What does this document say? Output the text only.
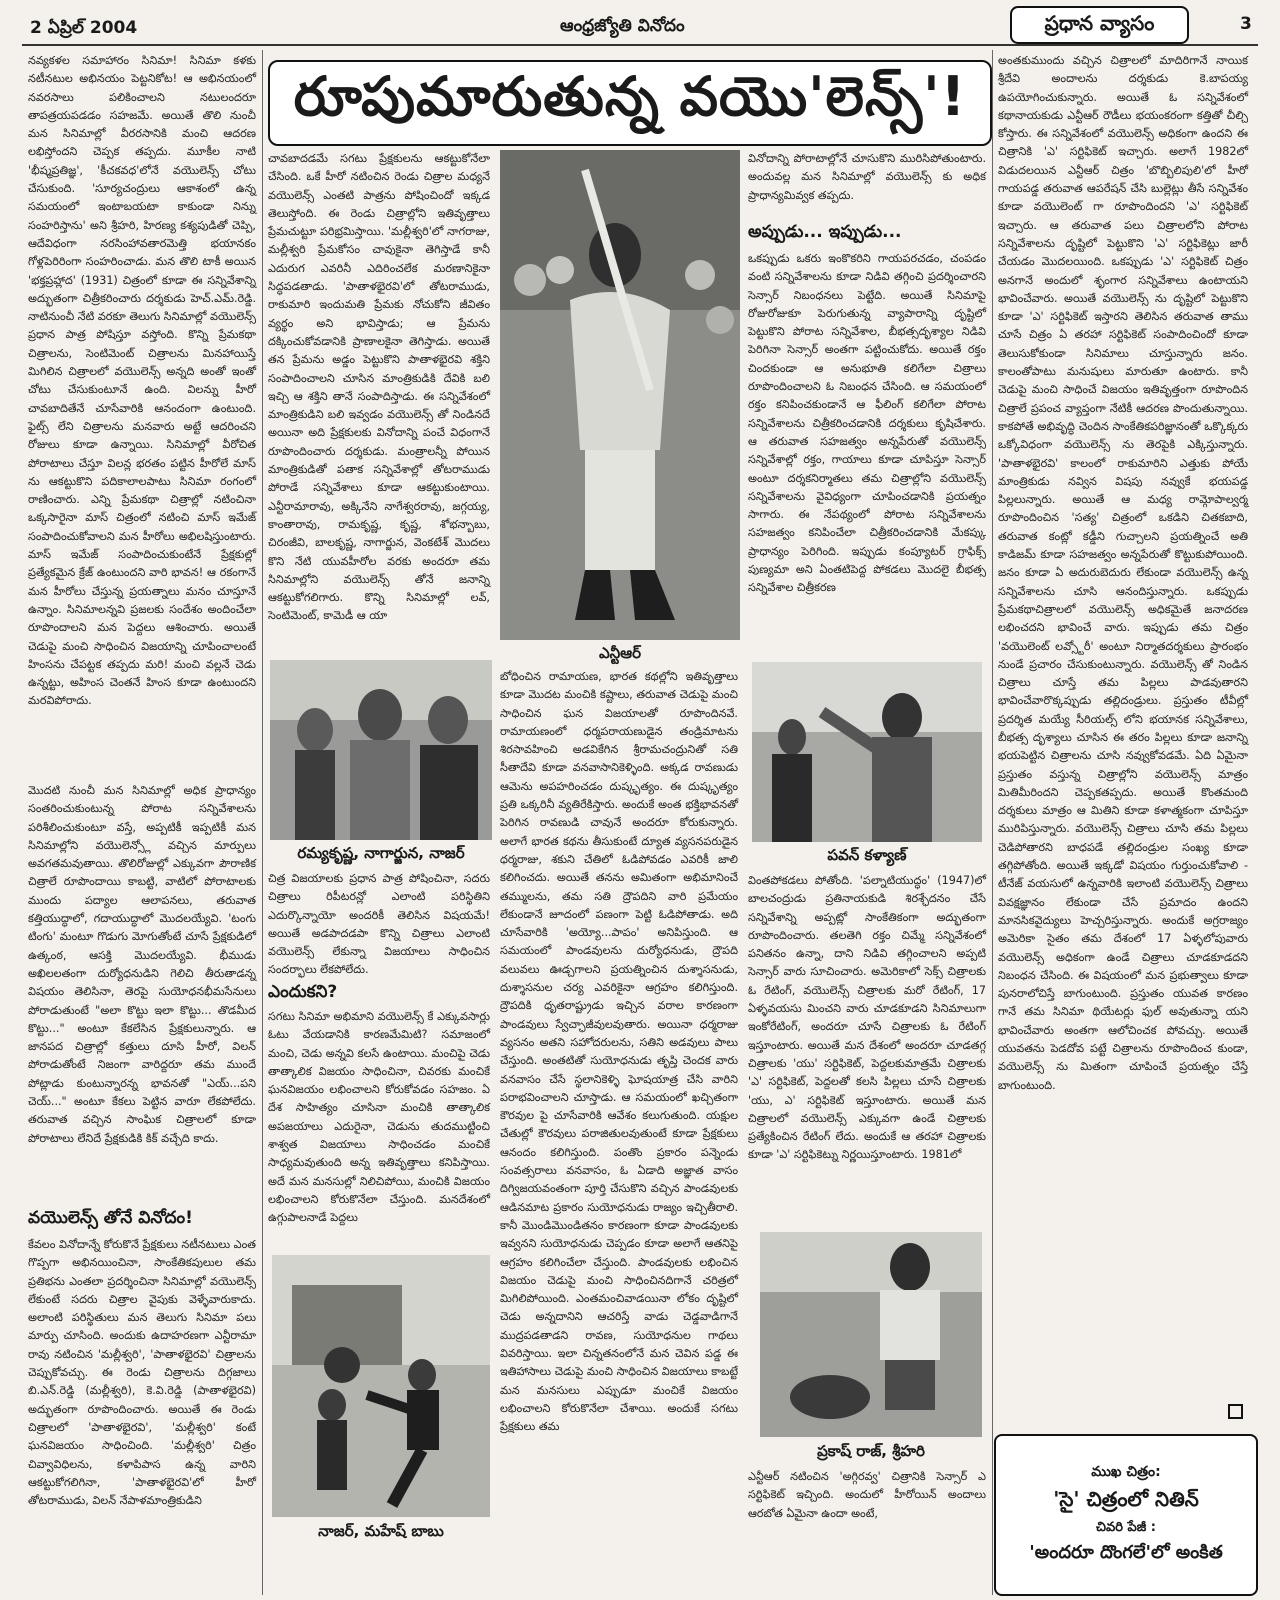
2 ఏప్రిల్ 2004	ఆంధ్రజ్యోతి వినోదం	ప్రధాన వ్యాసం	3
రూపుమారుతున్న వయొ'లెన్స్'!
నవ్యకళల సమాహారం సినిమా! సినిమా కళకు నటీనటుల అభినయం పెట్టనికోట! ఆ అభినయంలో నవరసాలు పలికించాలని నటులందరూ తాపత్రయపడడం సహజమే. అయితే తొలి నుంచీ మన సినిమాల్లో వీరరసానికి మంచి ఆదరణ లభిస్తోందని చెప్పక తప్పదు. మూకీల నాటి 'భీష్మప్రతిజ్ఞ', 'కీచకవధ'లోనే వయొలెన్స్ చోటు చేసుకుంది. 'సూర్యచంద్రులు ఆకాశంలో ఉన్న సమయంలో ఇంటాబయటా కాకుండా నిన్ను సంహరిస్తాను' అని శ్రీహరి, హిరణ్య కశ్యపుడితో చెప్పి, ఆదేవిధంగా నరసింహావతారమెత్తి భయానకం గోళ్లపెరిరింగా సంహరించాడు. మన తొలి టాకీ అయిన 'భక్తప్రహ్లాద' (1931) చిత్రంలో కూడా ఈ సన్నివేశాన్ని అద్భుతంగా చిత్రీకరించారు దర్శకుడు హెచ్.ఎమ్.రెడ్డి. నాటినుంచీ నేటి వరకూ తెలుగు సినిమాల్లో వయొలెన్స్ ప్రధాన పాత్ర పోషిస్తూ వస్తోంది. కొన్ని ప్రేమకథా చిత్రాలను, సెంటిమెంట్ చిత్రాలను మినహాయిస్తే మిగిలిన చిత్రాలలో వయొలెన్స్ అన్నది అంతో ఇంతో చోటు చేసుకుంటూనే ఉంది. విలన్ను హీరో చావబాదితేనే చూసేవారికి ఆనందంగా ఉంటుంది. ఫైట్స్ లేని చిత్రాలను మనవారు అట్టే ఆదరించని రోజులు కూడా ఉన్నాయి. సినిమాల్లో వీరోచిత పోరాటాలు చేస్తూ విలన్ల భరతం పట్టిన హీరోలే మాస్ ను ఆకట్టుకొని పదికాలాలపాటు సినిమా రంగంలో రాణించారు. ఎన్ని ప్రేమకథా చిత్రాల్లో నటించినా ఒక్కసారైనా మాస్ చిత్రంలో నటించి మాస్ ఇమేజ్ సంపాదించుకోవాలని మన హీరోలు అభిలషిస్తుంటారు. మాస్ ఇమేజ్ సంపాదించుకుంటేనే ప్రేక్షకుల్లో ప్రత్యేకమైన క్రేజ్ ఉంటుందని వారి భావన! ఆ రకంగానే మన హీరోలు చేస్తున్న ప్రయత్నాలు మనం చూస్తూనే ఉన్నాం. సినిమాలన్నవి ప్రజలకు సందేశం అందించేలా రూపొందాలని మన పెద్దలు ఆశించారు. అయితే చెడుపై మంచి సాధించిన విజయాన్ని చూపించాలంటే హింసను చేపట్టక తప్పదు మరి! మంచి వల్లనే చెడు ఉన్నట్టు, అహింస చెంతనే హింస కూడా ఉంటుందని మరవిపోరాదు.
మొదటి నుంచీ మన సినిమాల్లో అధిక ప్రాధాన్యం సంతరించుకుంటున్న పోరాట సన్నివేశాలను పరిశీలించుకుంటూ వస్తే, అప్పటికీ ఇప్పటికీ మన సినిమాల్లోని వయొలెన్స్లో వచ్చిన మార్పులు అవగతమవుతాయి. తొలిరోజుల్లో ఎక్కువగా పౌరాణిక చిత్రాలే రూపొందాయి కాబట్టి, వాటిలో పోరాటాలకు ముందు పద్యాల ఆలాపనలు, తరువాత కత్తియుద్ధాలో, గదాయుద్ధాలో మొదలయ్యేవి. 'టంగు టింగు' మంటూ గొడుగు మోగుతోంటే చూసే ప్రేక్షకుడిలో ఉత్కంఠ, ఆసక్తి మొదలయ్యేవి. భీముడు అఖిలలతంగా దుర్యోధనుడిని గెలిచి తీరుతాడన్న విషయం తెలిసినా, తెరపై సుయోధనభీమసేనులు పోరాడుతుంటే "అలా కొట్టు ఇలా కొట్టు... తొడమీద కొట్టు..." అంటూ కేకలేసిన ప్రేక్షకులున్నారు. ఆ జానపద చిత్రాల్లో కత్తులు దూసి హీరో, విలన్ పోరాడుతోంటే నిజంగా వారిద్దరూ తమ ముందే పోట్లాడు కుంటున్నారన్న భావనతో "ఎయ్...పని చెయ్..." అంటూ కేకలు పెట్టిన వారూ లేకపోలేదు. తరువాత వచ్చిన సాంఘిక చిత్రాలలో కూడా పోరాటాలు లేనిదే ప్రేక్షకుడికి కిక్ వచ్చేది కాదు.
వయొలెన్స్ తోనే వినోదం!
కేవలం వినోదాన్నే కోరుకొనే ప్రేక్షకులు నటీనటులు ఎంత గొప్పగా అభినయించినా, సాంకేతికపులుల తమ ప్రతిభను ఎంతలా ప్రదర్శించినా సినిమాల్లో వయొలెన్స్ లేకుంటే సదరు చిత్రాల వైపుకు వెళ్ళేవారుకాదు. అలాంటి పరిస్థితులు మన తెలుగు సినిమా పలు మార్పు చూసింది. అందుకు ఉదాహరణగా ఎన్టీరామా రావు నటించిన 'మల్లీశ్వరి', 'పాతాళభైరవి' చిత్రాలను చెప్పుకోవచ్చు. ఈ రెండు చిత్రాలను దిగ్గజాలు బి.ఎన్.రెడ్డి (మల్లీశ్వరి), కె.వి.రెడ్డి (పాతాళభైరవి) అద్భుతంగా రూపొందించారు. అయితే ఈ రెండు చిత్రాలలో 'పాతాళభైరవి', 'మల్లీశ్వరి' కంటే ఘనవిజయం సాధించింది. 'మల్లీశ్వరి' చిత్రం చివ్వావిధిలను, కళాపిపాస ఉన్న వారిని ఆకట్టుకోగలిగినా, 'పాతాళభైరవి'లో హీరో తోటరాముడు, విలన్ నేపాళమాంత్రికుడిని
చావబాదడమే సగటు ప్రేక్షకులను ఆకట్టుకోనేలా చేసింది. ఒకే హీరో నటించిన రెండు చిత్రాల మధ్యనే వయొలెన్స్ ఎంతటి పాత్రను పోషించిందో ఇక్కడ తెలుస్తోంది. ఈ రెండు చిత్రాల్లోని ఇతివృత్తాలు ప్రేమచుట్టూ పరిభ్రమిస్తాయి. 'మల్లీశ్వరి'లో నాగరాజు, మల్లీశ్వరి ప్రేమకోసం చావుకైనా తెగిస్తాడే కానీ ఎదురుగ ఎవరినీ ఎదిరించలేక మరణానికైనా సిద్ధపడతాడు. 'పాతాళభైరవి'లో తోటరాముడు, రాకుమారి ఇందుమతి ప్రేమకు నోచుకోని జీవితం వ్యర్థం అని భావిస్తాడు; ఆ ప్రేమను దక్కించుకోవడానికి ప్రాణాలకైనా తెగిస్తాడు. అయితే తన ప్రేమను అడ్డం పెట్టుకొని పాతాళభైరవి శక్తిని సంపాదించాలని చూసిన మాంత్రికుడికి దేవికి బలి ఇచ్చి ఆ శక్తిని తానే సంపాదిస్తాడు. ఈ సన్నివేశంలో మాంత్రికుడిని బలి ఇవ్వడం వయొలెన్స్ తో నిండినదే అయినా అది ప్రేక్షకులకు వినోదాన్ని పంచే విధంగానే రూపొందించారు దర్శకుడు. మంత్రాలన్నీ పోయిన మాంత్రికుడితో పతాక సన్నివేశాల్లో తోటరాముడు పోరాడే సన్నివేశాలు కూడా ఆకట్టుకుంటాయి. ఎన్టీరామారావు, అక్కినేని నాగేశ్వరరావు, జగ్గయ్య, కాంతారావు, రామకృష్ణ, కృష్ణ, శోభన్బాబు, చిరంజీవి, బాలకృష్ణ, నాగార్జున, వెంకటేశ్ మొదలు కొని నేటి యువహీరోల వరకు అందరూ తమ సినిమాల్లోని వయొలెన్స్ తోనే జనాన్ని ఆకట్టుకోగలిగారు. కొన్ని సినిమాల్లో లవ్, సెంటిమెంట్, కామెడీ ఆ యా
రమ్యకృష్ణ, నాగార్జున, నాజర్
చిత్ర విజయాలకు ప్రధాన పాత్ర పోషించినా, సదరు చిత్రాలు రిపీటరన్లో ఎలాంటి పరిస్థితిని ఎదుర్కొన్నాయో అందరికీ తెలిసిన విషయమే! అయితే అడపాదడపా కొన్ని చిత్రాలు ఎలాంటి వయొలెన్స్ లేకున్నా విజయాలు సాధించిన సందర్భాలు లేకపోలేదు.
ఎందుకని?
సగటు సినిమా అభిమాని వయొలెన్స్ కే ఎక్కువసార్లు ఓటు వేయడానికి కారణమేమిటి? సమాజంలో మంచి, చెడు అన్నవి కలసే ఉంటాయి. మంచిపై చెడు తాత్కాలిక విజయం సాధించినా, చివరకు మంచికే ఘనవిజయం లభించాలని కోరుకోవడం సహజం. ఏ దేశ సాహిత్యం చూసినా మంచికి తాత్కాలిక అపజయాలు ఎదురైనా, చెడును తుదముట్టించి శాశ్వత విజయాలు సాధించడం మంచికే సాధ్యమవుతుంది అన్న ఇతివృత్తాలు కనిపిస్తాయి. అదే మన మనసుల్లో నిలిచిపోయి, మంచికి విజయం లభించాలని కోరుకొనేలా చేస్తుంది. మనదేశంలో ఉగ్గుపాలనాడే పెద్దలు
నాజర్, మహేష్ బాబు
ఎన్టీఆర్
బోధించిన రామాయణ, భారత కథల్లోని ఇతివృత్తాలు కూడా మొదట మంచికి కష్టాలు, తరువాత చెడుపై మంచి సాధించిన ఘన విజయాలతో రూపొందినవే. రామాయణంలో ధర్మపరాయణుడైన తండ్రిమాటను శిరసావహించి అడవికేగిన శ్రీరామచంద్రునితో సతి సీతాదేవి కూడా వనవాసానికెళ్ళింది. అక్కడ రావణుడు ఆమెను అపహరించడం దుష్కృత్యం. ఈ దుష్కృత్యం ప్రతి ఒక్కరినీ వ్యతిరేకిస్తారు. అందుకే అంత భక్తిభావనతో పెరిగిన రావణుడి చావునే అందరూ కోరుకున్నారు. అలాగే భారత కథను తీసుకుంటే ద్యూత వ్యసనపరుడైన ధర్మరాజు, శకుని చేతిలో ఓడిపోవడం ఎవరికీ జాలి కలిగించదు. అయితే తనను అమితంగా అభిమానించే తమ్ములను, తమ సతి ద్రౌపదిని వారి ప్రమేయం లేకుండానే జూదంలో పణంగా పెట్టి ఓడిపోతాడు. అది చూసేవారికి 'అయ్యో...పాపం' అనిపిస్తుంది. ఆ సమయంలో పాండవులను దుర్యోధనుడు, ద్రౌపది వలువలు ఊడ్చగాలని ప్రయత్నించిన దుశ్శాసనుడు, దుశ్శాసనుల చర్య ఎవరికైనా ఆగ్రహం కలిగిస్తుంది. ద్రౌపదికి ధృతరాష్ట్రుడు ఇచ్చిన వరాల కారణంగా పాండవులు స్వేచ్ఛాజీవులవుతారు. అయినా ధర్మరాజు వ్యసనం అతని సహోదరులను, సతిని అడవులు పాలు చేస్తుంది. అంతటితో సుయోధనుడు తృప్తి చెందక వారు వనవాసం చేసే స్థలానికెళ్ళి ఘోషయాత్ర చేసి వారిని పరాభవించాలని చూస్తాడు. ఆ సమయంలో ఖచ్చితంగా కౌరవుల పై చూసేవారికి ఆవేశం కలుగుతుంది. యక్షుల చేతుల్లో కౌరవులు పరాజితులవుతుంటే కూడా ప్రేక్షకులు ఆనందం కలిగిస్తుంది. పంతొం ప్రకారం పన్నెండు సంవత్సరాలు వనవాసం, ఓ ఏడాది అజ్ఞాత వాసం దిగ్విజయవంతంగా పూర్తి చేసుకొని వచ్చిన పాండవులకు ఆడినమాట ప్రకారం సుయోధనుడు రాజ్యం ఇచ్చితీరాలి. కానీ మొండిమొండితనం కారణంగా కూడా పాండవులకు ఇవ్వనని సుయోధనుడు చెప్పడం కూడా అలాగే ఆతనిపై ఆగ్రహం కలిగించేలా చేస్తుంది. పాండవులకు లభించిన విజయం చెడుపై మంచి సాధించినదిగానే చరిత్రలో మిగిలిపోయింది. ఎంతమంచివాడయినా లోకం దృష్టిలో చెడు అన్నదానిని ఆచరిస్తే వాడు చెడ్డవాడిగానే ముద్రపడతాడని రావణ, సుయోధనుల గాథలు వివరిస్తాయి. ఇలా చిన్నతనంలోనే మన చెవిన పడ్డ ఈ ఇతిహాసాలు చెడుపై మంచి సాధించిన విజయాలు కాబట్టే మన మనసులు ఎప్పుడూ మంచికే విజయం లభించాలని కోరుకొనేలా చేశాయి. అందుకే సగటు ప్రేక్షకులు తమ
వినోదాన్ని పోరాటాల్లోనే చూసుకొని మురిసిపోతుంటారు. అందువల్ల మన సినిమాల్లో వయొలెన్స్ కు అధిక ప్రాధాన్యమివ్వక తప్పదు.
అప్పుడు... ఇప్పుడు...
ఒకప్పుడు ఒకరు ఇంకొకరిని గాయపరచడం, చంపడం వంటి సన్నివేశాలను కూడా నిడివి తగ్గించి ప్రదర్శించారని సెన్సార్ నిబంధనలు పెట్టేది. అయితే సినిమాపై రోజురోజుకూ పెరుగుతున్న వ్యాపారాన్ని దృష్టిలో పెట్టుకొని పోరాట సన్నివేశాల, బీభత్సదృశ్యాల నిడివి పెరిగినా సెన్సార్ అంతగా పట్టించుకోదు. అయితే రక్తం చిందకుండా ఆ అనుభూతి కలిగేలా చిత్రాలు రూపొందించాలని ఓ నిబంధన చేసింది. ఆ సమయంలో రక్తం కనిపించకుండానే ఆ ఫీలింగ్ కలిగేలా పోరాట సన్నివేశాలను చిత్రీకరించడానికి దర్శకులు కృషిచేశారు. ఆ తరువాత సహజత్వం అన్నపేరుతో వయొలెన్స్ సన్నివేశాల్లో రక్తం, గాయాలు కూడా చూపిస్తూ సెన్సార్ అంటూ దర్శకనిర్మాతలు తమ చిత్రాల్లోని వయొలెన్స్ సన్నివేశాలను వైవిధ్యంగా చూపించడానికి ప్రయత్నం సాగారు. ఈ నేపథ్యంలో పోరాట సన్నివేశాలను సహజత్వం కనిపించేలా చిత్రీకరించడానికి మేకప్కు ప్రాధాన్యం పెరిగింది. ఇప్పుడు కంప్యూటర్ గ్రాఫిక్స్ పుణ్యమా అని ఏంతటిపెద్ద పోకడలు మొదలై బీభత్స సన్నివేశాల చిత్రీకరణ
పవన్ కళ్యాణ్
వింతపోకడలు పోతోంది. 'పల్నాటియుద్ధం' (1947)లో బాలచంద్రుడు ప్రతినాయకుడి శిరశ్ఛేదనం చేసే సన్నివేశాన్ని అప్పట్లో సాంకేతికంగా అద్భుతంగా రూపొందించారు. తలతెగి రక్తం చిమ్మే సన్నివేశంలో పనితనం ఉన్నా, దాని నిడివి తగ్గించాలని అప్పటి సెన్సార్ వారు సూచించారు. అమెరికాలో సెక్స్ చిత్రాలకు ఓ రేటింగ్, వయొలెన్స్ చిత్రాలకు మరో రేటింగ్, 17 ఏళ్ళవయసు మించని వారు చూడకూడని సినిమాలుగా ఇంకోరేటింగ్, అందరూ చూసే చిత్రాలకు ఓ రేటింగ్ ఇస్తూంటారు. అయితే మన దేశంలో అందరూ చూడతగ్గ చిత్రాలకు 'యు' సర్టిఫికెట్, పెద్దలకుమాత్రమే చిత్రాలకు 'ఎ' సర్టిఫికెట్, పెద్దలతో కలసి పిల్లలు చూసే చిత్రాలకు 'యు, ఎ' సర్టిఫికెట్ ఇస్తూంటారు. అయితే మన చిత్రాలలో వయొలెన్స్ ఎక్కువగా ఉండే చిత్రాలకు ప్రత్యేకించిన రేటింగ్ లేదు. అందుకే ఆ తరహా చిత్రాలకు కూడా 'ఎ' సర్టిఫికెట్ను నిర్ణయిస్తూంటారు. 1981లో
ప్రకాష్ రాజ్, శ్రీహరి
ఎన్టీఆర్ నటించిన 'అగ్గిరవ్వ' చిత్రానికి సెన్సార్ ఎ సర్టిఫికెట్ ఇచ్చింది. అందులో హీరోయిన్ అందాలు ఆరబోత ఏమైనా ఉందా అంటే,
అంతకుముందు వచ్చిన చిత్రాలలో మాదిరిగానే నాయిక శ్రీదేవి అందాలను దర్శకుడు కె.బాపయ్య ఉపయోగించుకున్నారు. అయితే ఓ సన్నివేశంలో కథానాయకుడు ఎన్టీఆర్ రౌడీలు భయంకరంగా కత్తితో చీల్చి కోస్తారు. ఈ సన్నివేశంలో వయొలెన్స్ అధికంగా ఉందని ఈ చిత్రానికి 'ఎ' సర్టిఫికెట్ ఇచ్చారు. అలాగే 1982లో విడుదలయిన ఎన్టీఆర్ చిత్రం 'బొబ్బిలిపులి'లో హీరో గాయపడ్డ తరువాత ఆపరేషన్ చేసి బుల్లెట్లు తీసే సన్నివేశం కూడా వయొలెంట్ గా రూపొందిందని 'ఎ' సర్టిఫికెట్ ఇచ్చారు. ఆ తరువాత పలు చిత్రాలలోని పోరాట సన్నివేశాలను దృష్టిలో పెట్టుకొని 'ఎ' సర్టిఫికెట్లు జారీ చేయడం మొదలయింది. ఒకప్పుడు 'ఎ' సర్టిఫికెట్ చిత్రం అనగానే అందులో శృంగార సన్నివేశాలు ఉంటాయని భావించేవారు. అయితే వయొలెన్స్ ను దృష్టిలో పెట్టుకొని కూడా 'ఎ' సర్టిఫికెట్ ఇస్తారని తెలిసిన తరువాత తాము చూసే చిత్రం ఏ తరహా సర్టిఫికెట్ సంపాదించిందో కూడా తెలుసుకోకుండా సినిమాలు చూస్తున్నారు జనం. కాలంతోపాటు మనుషులు మారుతూ ఉంటారు. కానీ చెడుపై మంచి సాధించే విజయం ఇతివృత్తంగా రూపొందిన చిత్రాలే ప్రపంచ వ్యాప్తంగా నేటికీ ఆదరణ పొందుతున్నాయి. కాకపోతే అభివృద్ధి చెందిన సాంకేతికపరిజ్ఞానంతో ఒక్కొక్కరు ఒక్కోవిధంగా వయొలెన్స్ ను తెరపైకి ఎక్కిస్తున్నారు. 'పాతాళభైరవి' కాలంలో రాకుమారిని ఎత్తుకు పోయే మాంత్రికుడు నవ్విన విషపు నవ్వుకే భయపడ్డ పిల్లలున్నారు. అయితే ఆ మధ్య రామ్గోపాల్వర్మ రూపొందించిన 'సత్య' చిత్రంలో ఒకడిని చితకబాది, తరువాత కంట్లో కడ్డీని గుచ్చాలని ప్రయత్నించే అతి కాడిజమ్ కూడా సహజత్వం అన్నపేరుతో కొట్టుకుపోయింది. జనం కూడా ఏ అదురుబెదురు లేకుండా వయొలెన్స్ ఉన్న సన్నివేశాలను చూసి ఆనందిస్తున్నారు. ఒకప్పుడు ప్రేమకథాచిత్రాలలో వయొలెన్స్ అధికమైతే జనాదరణ లభించదని భావించే వారు. ఇప్పుడు తమ చిత్రం 'వయొలెంట్ లవ్స్టోరీ' అంటూ నిర్మాతదర్శకులు ప్రారంభం నుండే ప్రచారం చేసుకుంటున్నారు. వయొలెన్స్ తో నిండిన చిత్రాలు చూస్తే తమ పిల్లలు పాడవుతారని భావించేవారొక్కప్పుడు తల్లిదండ్రులు. ప్రస్తుతం టీవీల్లో ప్రదర్శిత మయ్యే సీరియల్స్ లోని భయానక సన్నివేశాలు, బీభత్స దృశ్యాలు చూసిన ఈ తరం పిల్లలు కూడా జనాన్ని భయపెట్టిన చిత్రాలను చూసి నవ్వుకోవడమే. ఏది ఏమైనా ప్రస్తుతం వస్తున్న చిత్రాల్లోని వయొలెన్స్ మాత్రం మితిమీరిందని చెప్పకతప్పదు. అయితే కొంతమంది దర్శకులు మాత్రం ఆ మితిని కూడా కళాత్మకంగా చూపిస్తూ మురిపిస్తున్నారు. వయొలెన్స్ చిత్రాలు చూసి తమ పిల్లలు చెడిపోతారని బాధపడే తల్లిదండ్రుల సంఖ్య కూడా తగ్గిపోతోంది. అయితే ఇక్కడో విషయం గుర్తుంచుకోవాలి - టీనేజ్ వయసులో ఉన్నవారికి ఇలాంటి వయొలెన్స్ చిత్రాలు వివక్షజ్ఞానం లేకుండా చేసే ప్రమాదం ఉందని మానసికవైద్యులు హెచ్చరిస్తున్నారు. అందుకే అగ్రరాజ్యం అమెరికా సైతం తమ దేశంలో 17 ఏళ్ళలోపువారు వయొలెన్స్ అధికంగా ఉండే చిత్రాలు చూడకూడదని నిబంధన చేసింది. ఈ విషయంలో మన ప్రభుత్వాలు కూడా పునరాలోచిస్తే బాగుంటుంది. ప్రస్తుతం యువత కారణం గానే తమ సినిమా థియేటర్లు ఫుల్ అవుతున్నా యని భావించేవారు అంతగా ఆలోచించక పోవచ్చు. అయితే యువతను పెడదోవ పట్టే చిత్రాలను రూపొందించ కుండా, వయొలెన్స్ ను మితంగా చూపించే ప్రయత్నం చేస్తే బాగుంటుంది.
ముఖ చిత్రం:
'సై' చిత్రంలో నితిన్
చివరి పేజీ :
'అందరూ దొంగలే'లో అంకిత
